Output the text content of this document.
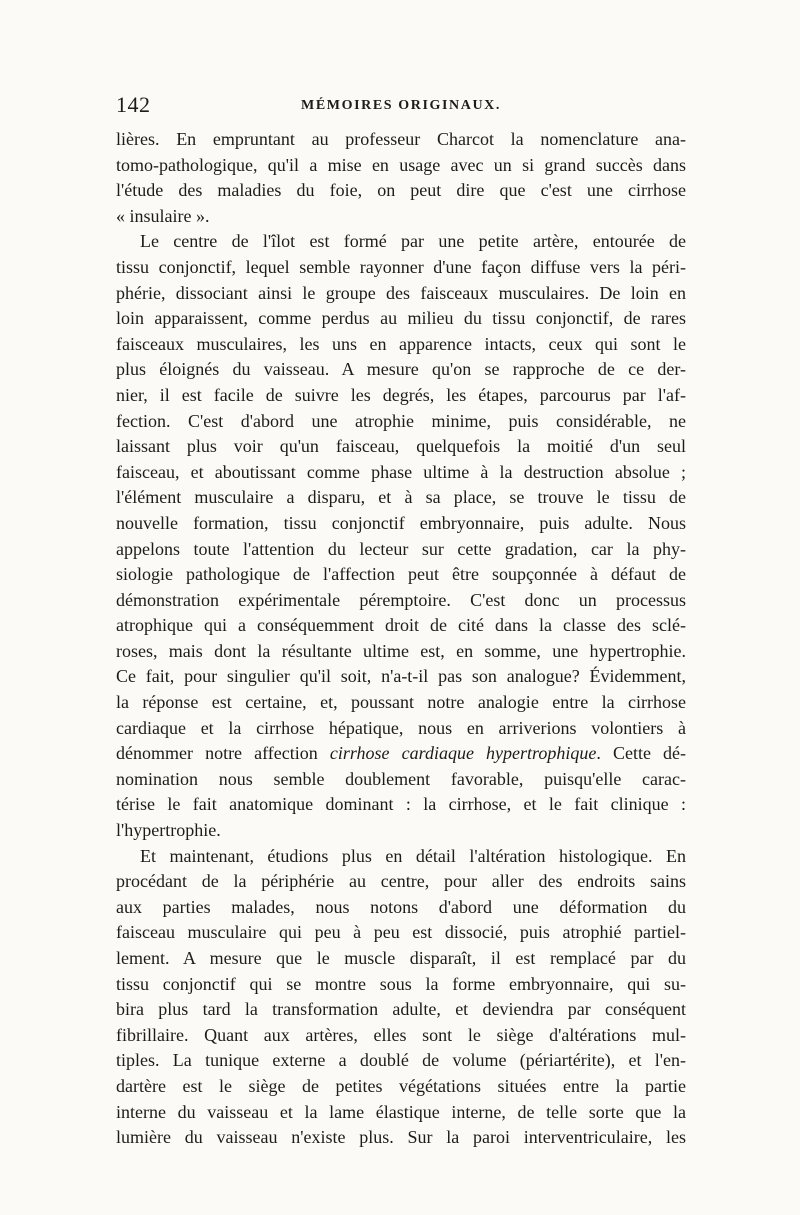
142	MÉMOIRES ORIGINAUX.
lières. En empruntant au professeur Charcot la nomenclature ana-
tomo-pathologique, qu'il a mise en usage avec un si grand succès dans
l'étude des maladies du foie, on peut dire que c'est une cirrhose
« insulaire ».
Le centre de l'îlot est formé par une petite artère, entourée de
tissu conjonctif, lequel semble rayonner d'une façon diffuse vers la péri-
phérie, dissociant ainsi le groupe des faisceaux musculaires. De loin en
loin apparaissent, comme perdus au milieu du tissu conjonctif, de rares
faisceaux musculaires, les uns en apparence intacts, ceux qui sont le
plus éloignés du vaisseau. A mesure qu'on se rapproche de ce der-
nier, il est facile de suivre les degrés, les étapes, parcourus par l'af-
fection. C'est d'abord une atrophie minime, puis considérable, ne
laissant plus voir qu'un faisceau, quelquefois la moitié d'un seul
faisceau, et aboutissant comme phase ultime à la destruction absolue ;
l'élément musculaire a disparu, et à sa place, se trouve le tissu de
nouvelle formation, tissu conjonctif embryonnaire, puis adulte. Nous
appelons toute l'attention du lecteur sur cette gradation, car la phy-
siologie pathologique de l'affection peut être soupçonnée à défaut de
démonstration expérimentale péremptoire. C'est donc un processus
atrophique qui a conséquemment droit de cité dans la classe des sclé-
roses, mais dont la résultante ultime est, en somme, une hypertrophie.
Ce fait, pour singulier qu'il soit, n'a-t-il pas son analogue? Évidemment,
la réponse est certaine, et, poussant notre analogie entre la cirrhose
cardiaque et la cirrhose hépatique, nous en arriverions volontiers à
dénommer notre affection cirrhose cardiaque hypertrophique. Cette dé-
nomination nous semble doublement favorable, puisqu'elle carac-
térise le fait anatomique dominant : la cirrhose, et le fait clinique :
l'hypertrophie.
Et maintenant, étudions plus en détail l'altération histologique. En
procédant de la périphérie au centre, pour aller des endroits sains
aux parties malades, nous notons d'abord une déformation du
faisceau musculaire qui peu à peu est dissocié, puis atrophié partiel-
lement. A mesure que le muscle disparaît, il est remplacé par du
tissu conjonctif qui se montre sous la forme embryonnaire, qui su-
bira plus tard la transformation adulte, et deviendra par conséquent
fibrillaire. Quant aux artères, elles sont le siège d'altérations mul-
tiples. La tunique externe a doublé de volume (périartérite), et l'en-
dartère est le siège de petites végétations situées entre la partie
interne du vaisseau et la lame élastique interne, de telle sorte que la
lumière du vaisseau n'existe plus. Sur la paroi interventriculaire, les
